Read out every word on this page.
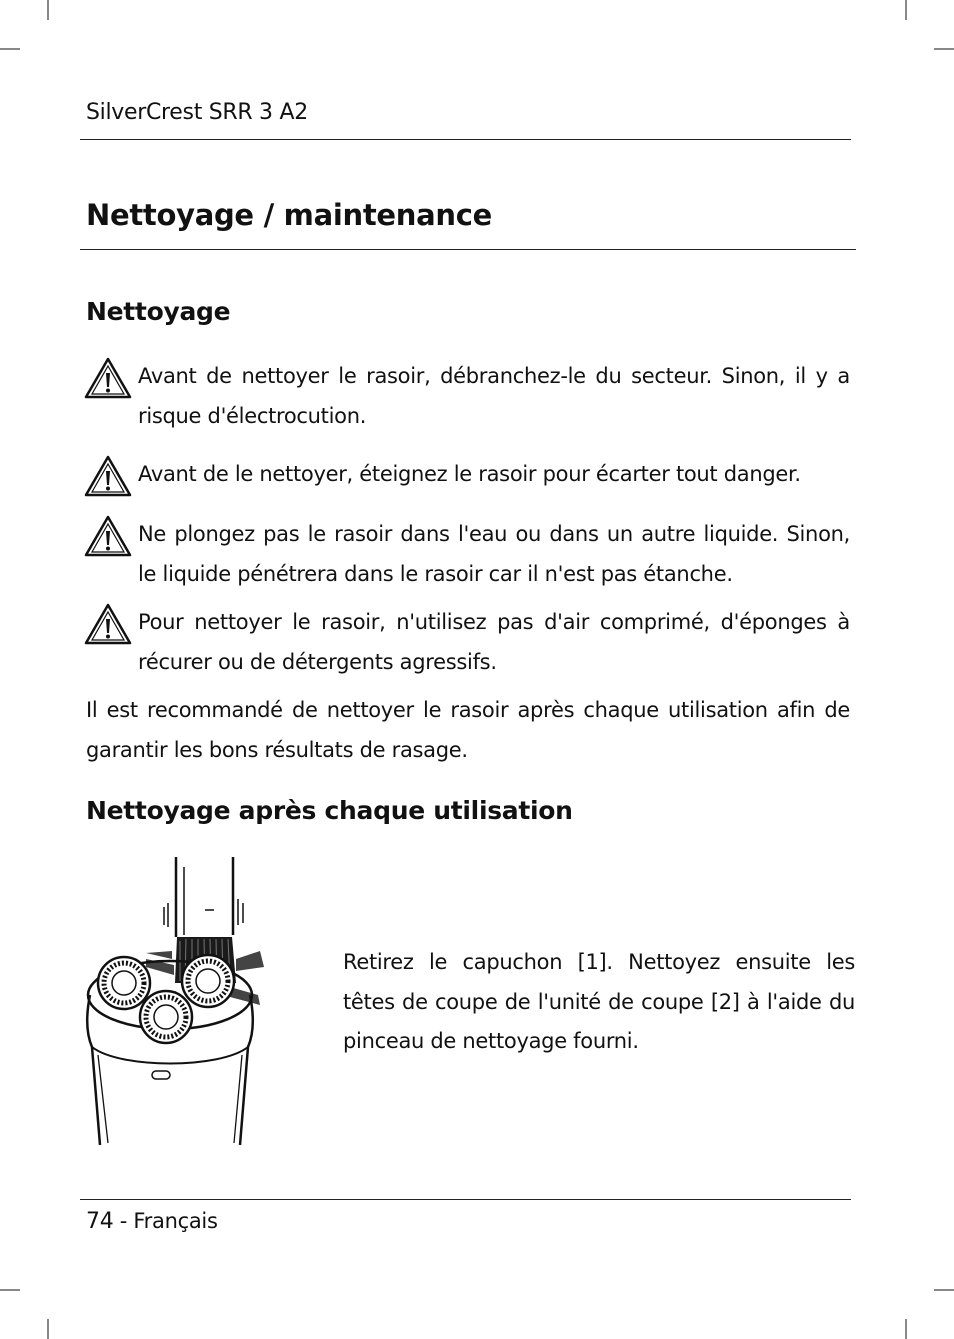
SilverCrest SRR 3 A2
Nettoyage / maintenance
Nettoyage
Avant de nettoyer le rasoir, débranchez-le du secteur. Sinon, il y a risque d'électrocution.
Avant de le nettoyer, éteignez le rasoir pour écarter tout danger.
Ne plongez pas le rasoir dans l'eau ou dans un autre liquide. Sinon, le liquide pénétrera dans le rasoir car il n'est pas étanche.
Pour nettoyer le rasoir, n'utilisez pas d'air comprimé, d'éponges à récurer ou de détergents agressifs.

Il est recommandé de nettoyer le rasoir après chaque utilisation afin de garantir les bons résultats de rasage.

Nettoyage après chaque utilisation

Retirez le capuchon [1]. Nettoyez ensuite les têtes de coupe de l'unité de coupe [2] à l'aide du pinceau de nettoyage fourni.

74 - Français
